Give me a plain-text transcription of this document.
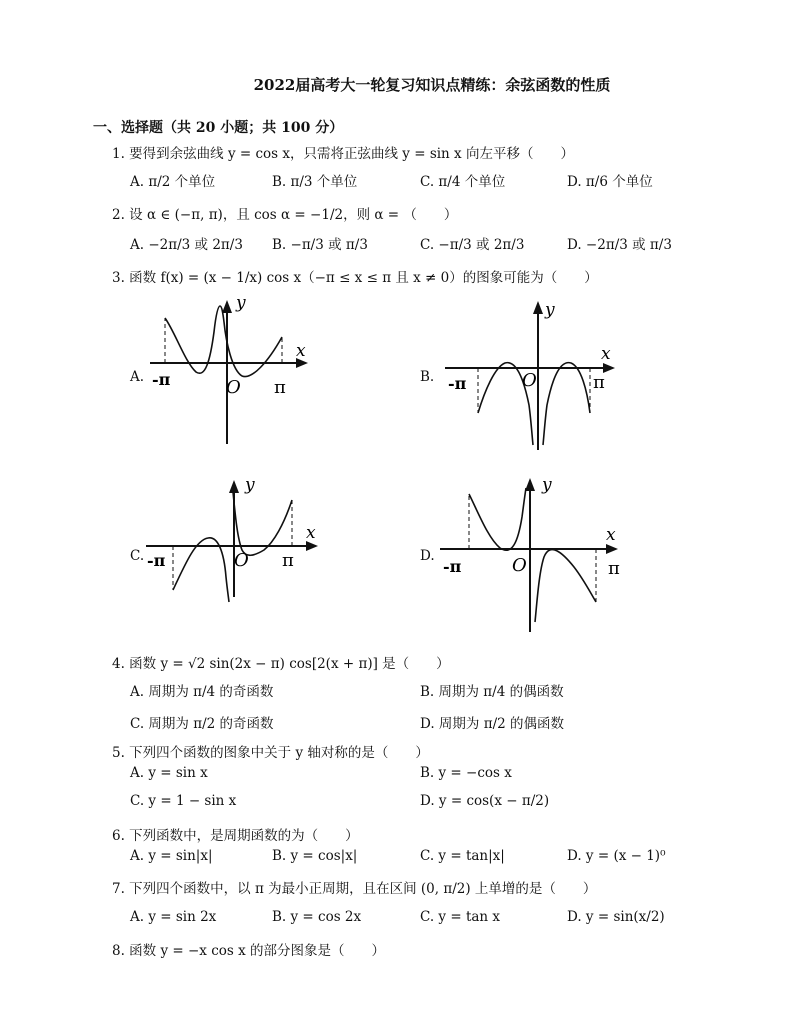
2022届高考大一轮复习知识点精练：余弦函数的性质
一、选择题（共 20 小题；共 100 分）
1. 要得到余弦曲线 y = cos x，只需将正弦曲线 y = sin x 向左平移（　　）
A. π/2 个单位	B. π/3 个单位	C. π/4 个单位	D. π/6 个单位
2. 设 α ∈ (−π, π)，且 cos α = −1/2，则 α = （　　）
A. −2π/3 或 2π/3 B. −π/3 或 π/3	C. −π/3 或 2π/3	D. −2π/3 或 π/3
3. 函数 f(x) = (x − 1/x) cos x（−π ≤ x ≤ π 且 x ≠ 0）的图象可能为（　　）
A.
x
y
-π	O π	B.
x
y
-π	O	π
C.
x
y
-π	O π	D.
x
y
-π	O	π
4. 函数 y = √2 sin(2x − π) cos[2(x + π)] 是（　　）
A. 周期为 π/4 的奇函数	B. 周期为 π/4 的偶函数
C. 周期为 π/2 的奇函数	D. 周期为 π/2 的偶函数
5. 下列四个函数的图象中关于 y 轴对称的是（　　）
A. y = sin x	B. y = −cos x
C. y = 1 − sin x	D. y = cos(x − π/2)
6. 下列函数中，是周期函数的为（　　）
A. y = sin|x|	B. y = cos|x|	C. y = tan|x|	D. y = (x − 1)⁰
7. 下列四个函数中，以 π 为最小正周期，且在区间 (0, π/2) 上单增的是（　　）
A. y = sin 2x	B. y = cos 2x	C. y = tan x	D. y = sin(x/2)
8. 函数 y = −x cos x 的部分图象是（　　）
